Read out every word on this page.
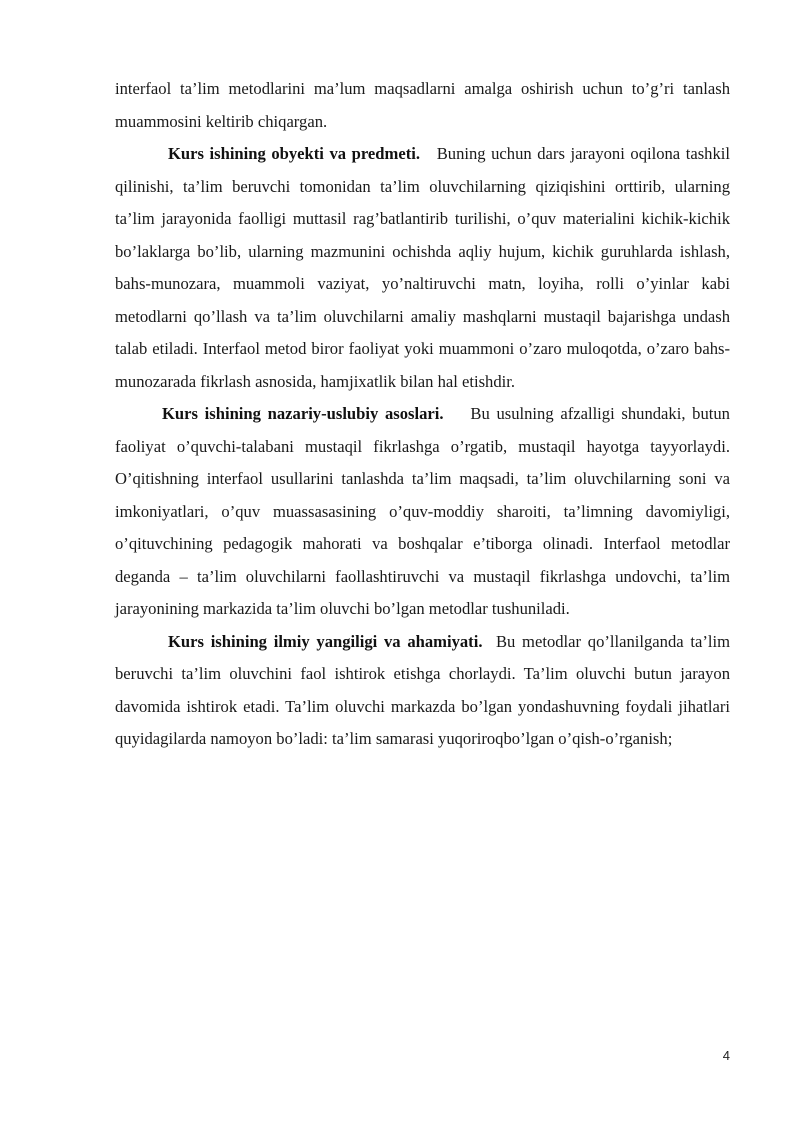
interfaol ta’lim metodlarini ma’lum maqsadlarni amalga oshirish uchun to’g’ri tanlash muammosini keltirib chiqargan.

Kurs ishining obyekti va predmeti. Buning uchun dars jarayoni oqilona tashkil qilinishi, ta’lim beruvchi tomonidan ta’lim oluvchilarning qiziqishini orttirib, ularning ta’lim jarayonida faolligi muttasil rag’batlantirib turilishi, o’quv materialini kichik-kichik bo’laklarga bo’lib, ularning mazmunini ochishda aqliy hujum, kichik guruhlarda ishlash, bahs-munozara, muammoli vaziyat, yo’naltiruvchi matn, loyiha, rolli o’yinlar kabi metodlarni qo’llash va ta’lim oluvchilarni amaliy mashqlarni mustaqil bajarishga undash talab etiladi. Interfaol metod biror faoliyat yoki muammoni o’zaro muloqotda, o’zaro bahs-munozarada fikrlash asnosida, hamjixatlik bilan hal etishdir.

Kurs ishining nazariy-uslubiy asoslari. Bu usulning afzalligi shundaki, butun faoliyat o’quvchi-talabani mustaqil fikrlashga o’rgatib, mustaqil hayotga tayyorlaydi. O’qitishning interfaol usullarini tanlashda ta’lim maqsadi, ta’lim oluvchilarning soni va imkoniyatlari, o’quv muassasasining o’quv-moddiy sharoiti, ta’limning davomiyligi, o’qituvchining pedagogik mahorati va boshqalar e’tiborga olinadi. Interfaol metodlar deganda – ta’lim oluvchilarni faollashtiruvchi va mustaqil fikrlashga undovchi, ta’lim jarayonining markazida ta’lim oluvchi bo’lgan metodlar tushuniladi.

Kurs ishining ilmiy yangiligi va ahamiyati. Bu metodlar qo’llanilganda ta’lim beruvchi ta’lim oluvchini faol ishtirok etishga chorlaydi. Ta’lim oluvchi butun jarayon davomida ishtirok etadi. Ta’lim oluvchi markazda bo’lgan yondashuvning foydali jihatlari quyidagilarda namoyon bo’ladi: ta’lim samarasi yuqoriroqbo’lgan o’qish-o’rganish;

4
